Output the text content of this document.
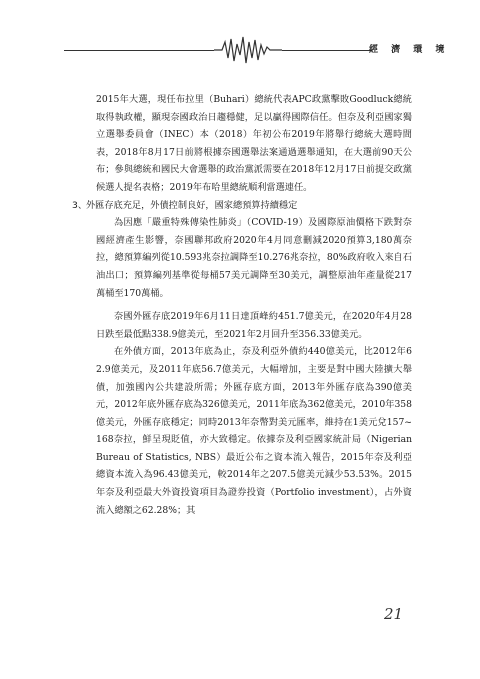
經 濟 環 境

2015年大選，現任布拉里（Buhari）總統代表APC政黨擊敗Goodluck總統取得執政權，顯現奈國政治日趨穩健，足以贏得國際信任。但奈及利亞國家獨立選舉委員會（INEC）本（2018）年初公布2019年將舉行總統大選時間表，2018年8月17日前將根據奈國選舉法案通過選舉通知，在大選前90天公布；參與總統和國民大會選舉的政治黨派需要在2018年12月17日前提交政黨候選人提名表格；2019年布哈里總統順利當選連任。

3、外匯存底充足，外債控制良好，國家總預算持續穩定

為因應「嚴重特殊傳染性肺炎」（COVID-19）及國際原油價格下跌對奈國經濟產生影響，奈國聯邦政府2020年4月同意刪減2020預算3,180萬奈拉，總預算編列從10.593兆奈拉調降至10.276兆奈拉，80%政府收入來自石油出口；預算編列基準從每桶57美元調降至30美元，調整原油年產量從217萬桶至170萬桶。

奈國外匯存底2019年6月11日達頂峰約451.7億美元，在2020年4月28日跌至最低點338.9億美元，至2021年2月回升至356.33億美元。

在外債方面，2013年底為止，奈及利亞外債約440億美元，比2012年62.9億美元，及2011年底56.7億美元，大幅增加，主要是對中國大陸擴大舉債，加強國內公共建設所需；外匯存底方面，2013年外匯存底為390億美元，2012年底外匯存底為326億美元，2011年底為362億美元，2010年358億美元，外匯存底穩定；同時2013年奈幣對美元匯率，維持在1美元兌157~168奈拉，鮮呈現貶值，亦大致穩定。依據奈及利亞國家統計局（Nigerian Bureau of Statistics, NBS）最近公布之資本流入報告，2015年奈及利亞總資本流入為96.43億美元，較2014年之207.5億美元減少53.53%。2015年奈及利亞最大外資投資項目為證券投資（Portfolio investment），占外資流入總額之62.28%；其

21
